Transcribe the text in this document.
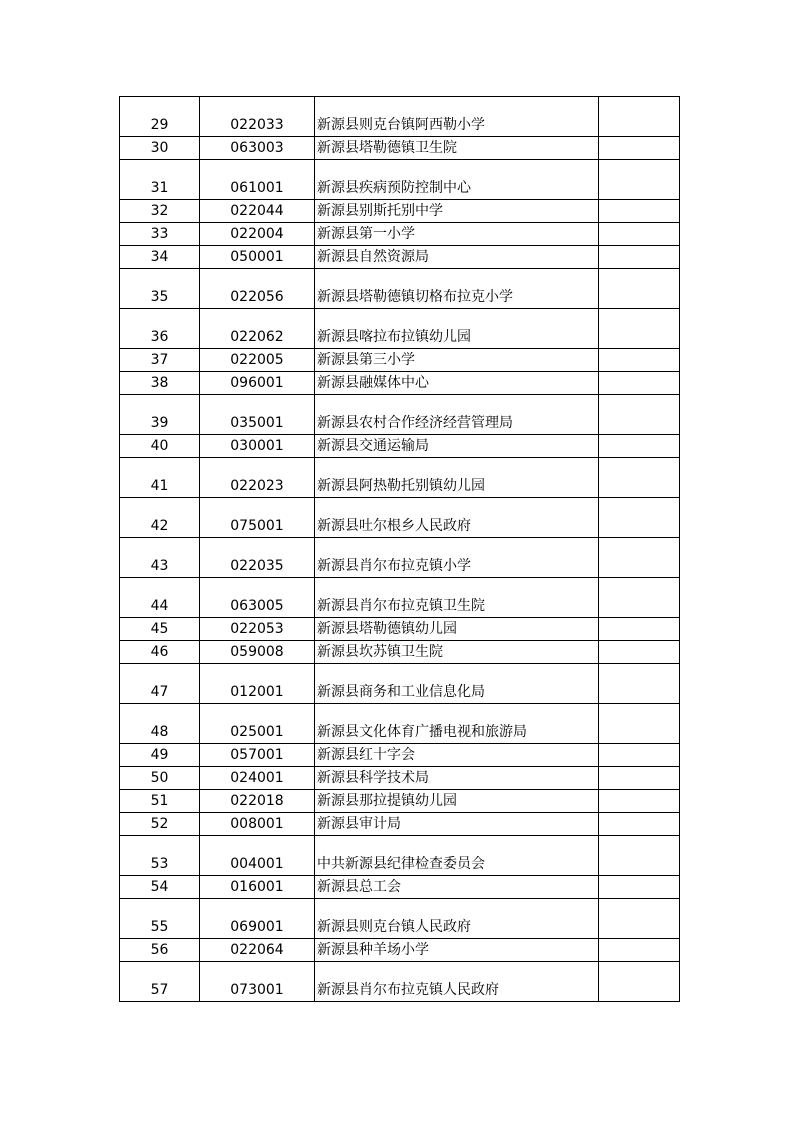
29	022033	新源县则克台镇阿西勒小学	
30	063003	新源县塔勒德镇卫生院	
31	061001	新源县疾病预防控制中心	
32	022044	新源县别斯托别中学	
33	022004	新源县第一小学	
34	050001	新源县自然资源局	
35	022056	新源县塔勒德镇切格布拉克小学	
36	022062	新源县喀拉布拉镇幼儿园	
37	022005	新源县第三小学	
38	096001	新源县融媒体中心	
39	035001	新源县农村合作经济经营管理局	
40	030001	新源县交通运输局	
41	022023	新源县阿热勒托别镇幼儿园	
42	075001	新源县吐尔根乡人民政府	
43	022035	新源县肖尔布拉克镇小学	
44	063005	新源县肖尔布拉克镇卫生院	
45	022053	新源县塔勒德镇幼儿园	
46	059008	新源县坎苏镇卫生院	
47	012001	新源县商务和工业信息化局	
48	025001	新源县文化体育广播电视和旅游局	
49	057001	新源县红十字会	
50	024001	新源县科学技术局	
51	022018	新源县那拉提镇幼儿园	
52	008001	新源县审计局	
53	004001	中共新源县纪律检查委员会	
54	016001	新源县总工会	
55	069001	新源县则克台镇人民政府	
56	022064	新源县种羊场小学	
57	073001	新源县肖尔布拉克镇人民政府	
